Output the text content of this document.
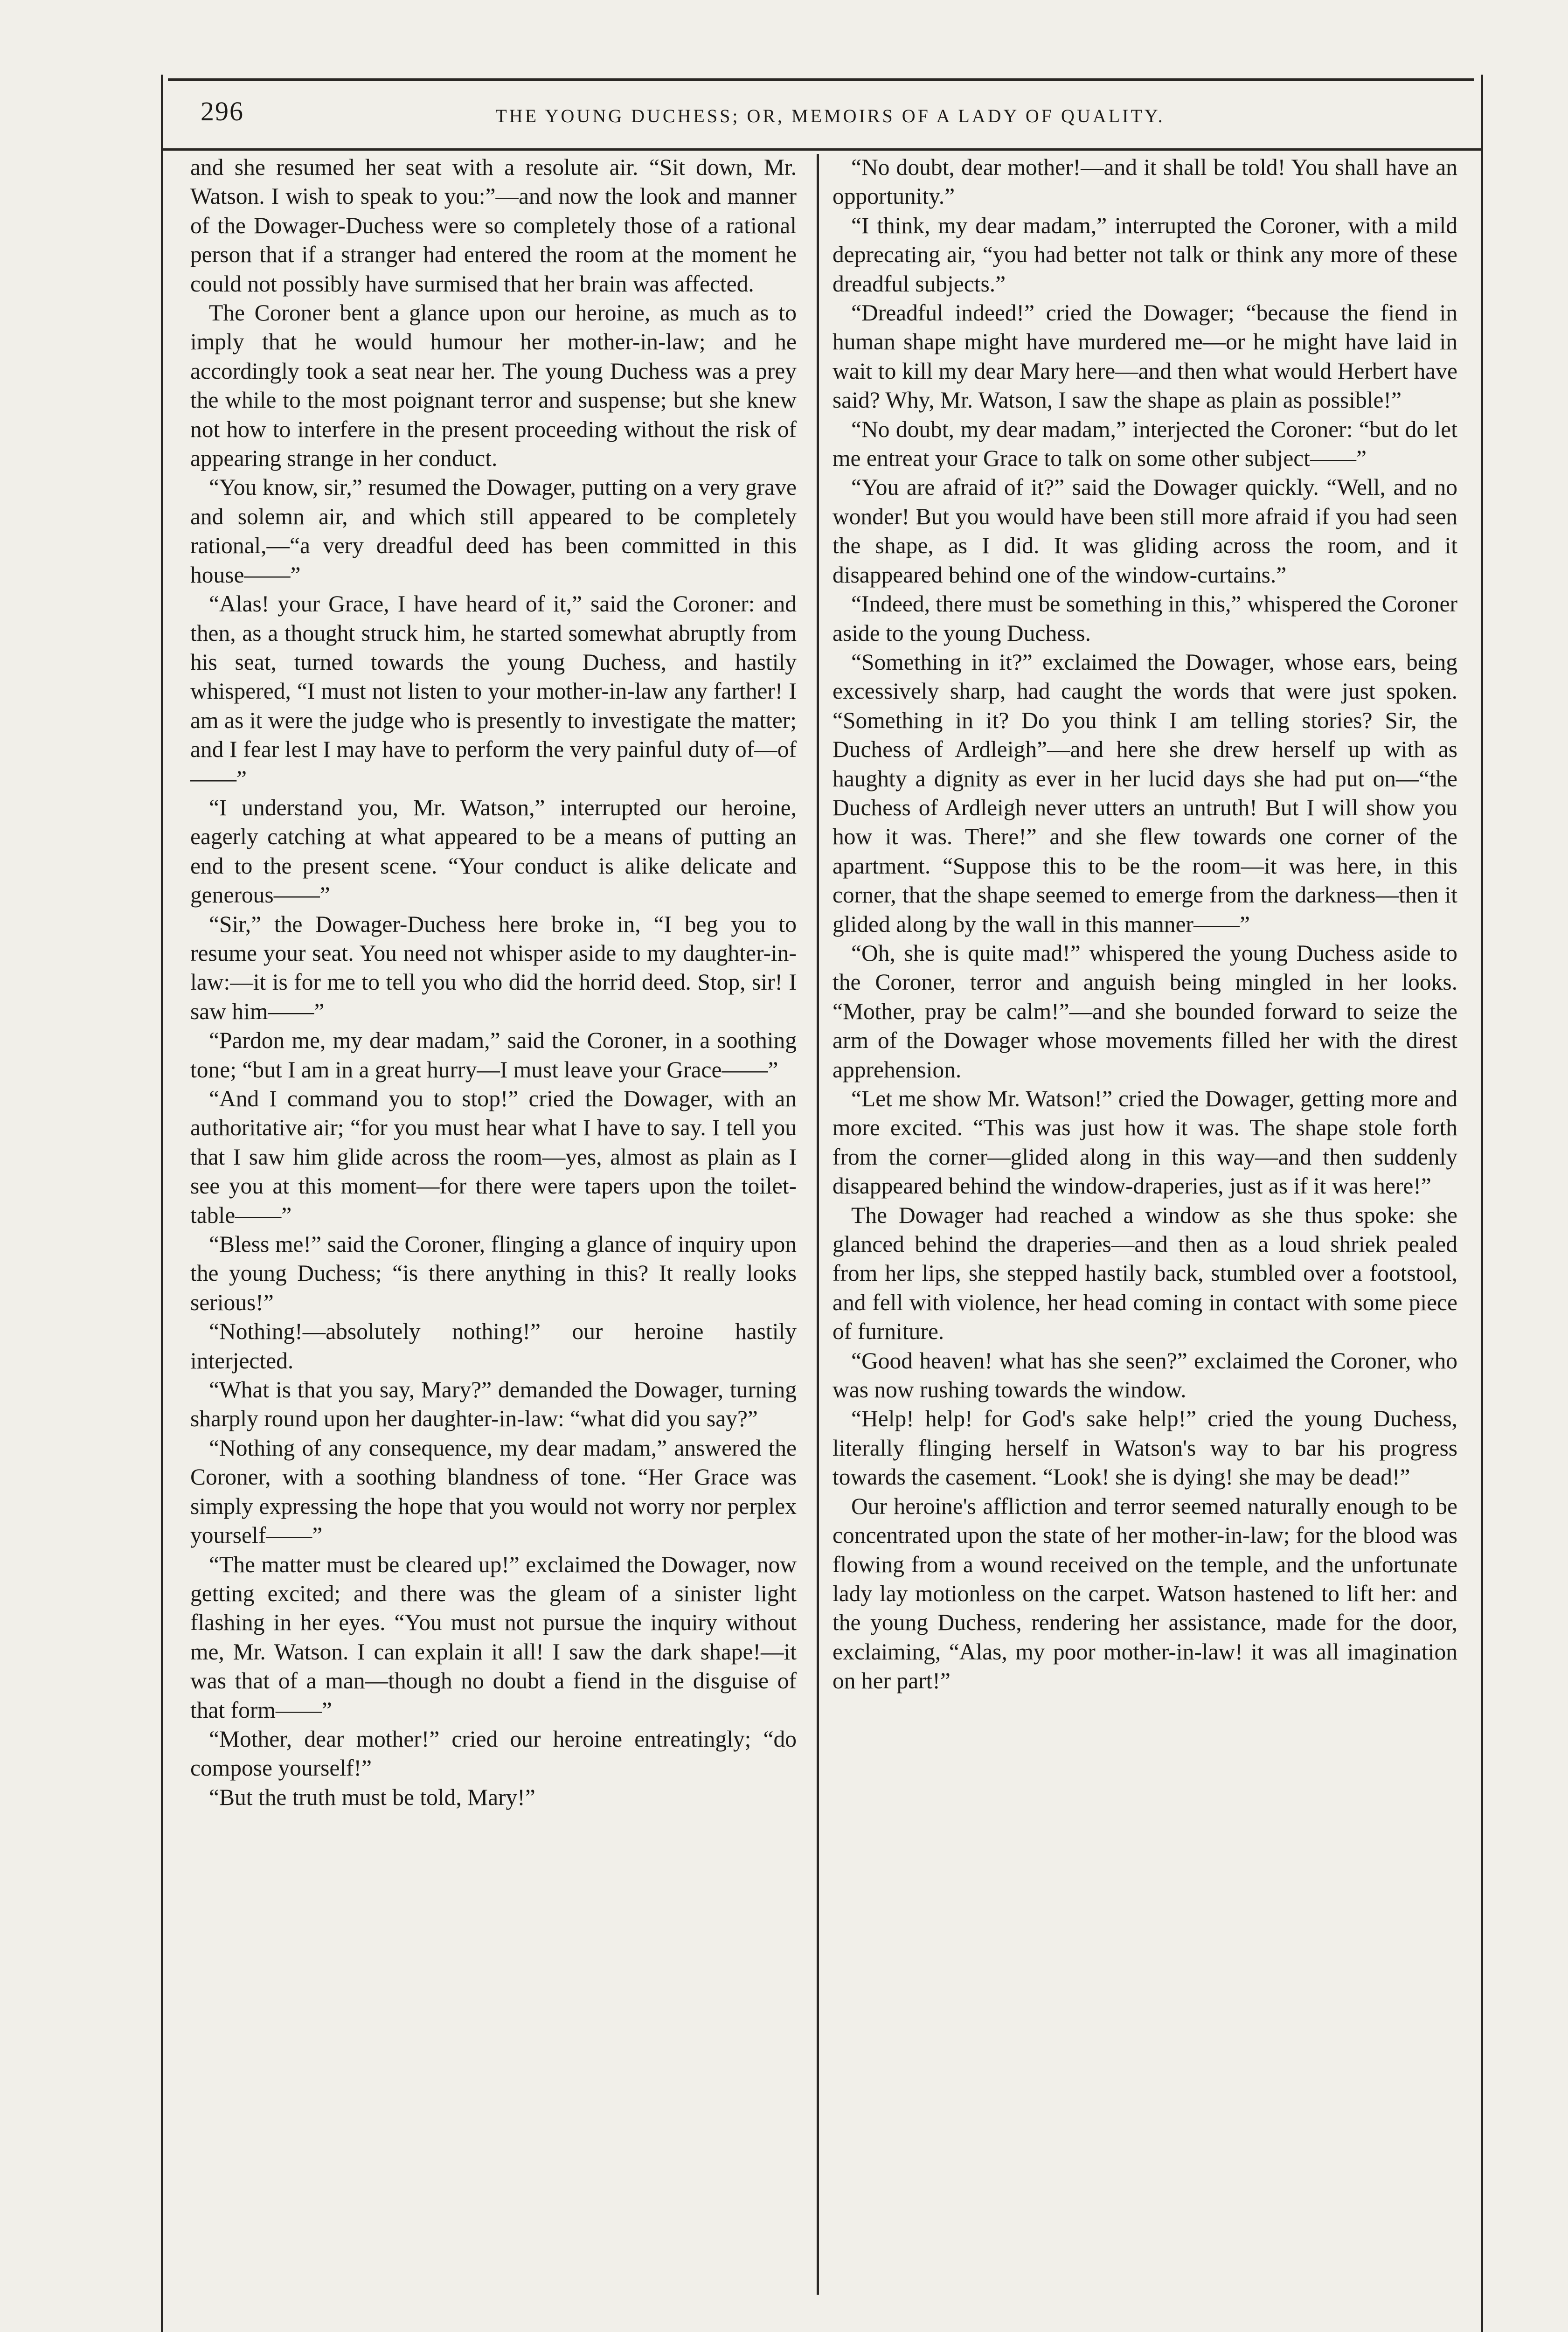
296	THE YOUNG DUCHESS; OR, MEMOIRS OF A LADY OF QUALITY.

and she resumed her seat with a resolute air. “Sit down, Mr. Watson. I wish to speak to you:”—and now the look and manner of the Dowager-Duchess were so completely those of a rational person that if a stranger had entered the room at the moment he could not possibly have surmised that her brain was affected.

The Coroner bent a glance upon our heroine, as much as to imply that he would humour her mother-in-law; and he accordingly took a seat near her. The young Duchess was a prey the while to the most poignant terror and suspense; but she knew not how to interfere in the present proceeding without the risk of appearing strange in her conduct.

“You know, sir,” resumed the Dowager, putting on a very grave and solemn air, and which still appeared to be completely rational,—“a very dreadful deed has been committed in this house——”

“Alas! your Grace, I have heard of it,” said the Coroner: and then, as a thought struck him, he started somewhat abruptly from his seat, turned towards the young Duchess, and hastily whispered, “I must not listen to your mother-in-law any farther! I am as it were the judge who is presently to investigate the matter; and I fear lest I may have to perform the very painful duty of—of——”

“I understand you, Mr. Watson,” interrupted our heroine, eagerly catching at what appeared to be a means of putting an end to the present scene. “Your conduct is alike delicate and generous——”

“Sir,” the Dowager-Duchess here broke in, “I beg you to resume your seat. You need not whisper aside to my daughter-in-law:—it is for me to tell you who did the horrid deed. Stop, sir! I saw him——”

“Pardon me, my dear madam,” said the Coroner, in a soothing tone; “but I am in a great hurry—I must leave your Grace——”

“And I command you to stop!” cried the Dowager, with an authoritative air; “for you must hear what I have to say. I tell you that I saw him glide across the room—yes, almost as plain as I see you at this moment—for there were tapers upon the toilet-table——”

“Bless me!” said the Coroner, flinging a glance of inquiry upon the young Duchess; “is there anything in this? It really looks serious!”

“Nothing!—absolutely nothing!” our heroine hastily interjected.

“What is that you say, Mary?” demanded the Dowager, turning sharply round upon her daughter-in-law: “what did you say?”

“Nothing of any consequence, my dear madam,” answered the Coroner, with a soothing blandness of tone. “Her Grace was simply expressing the hope that you would not worry nor perplex yourself——”

“The matter must be cleared up!” exclaimed the Dowager, now getting excited; and there was the gleam of a sinister light flashing in her eyes. “You must not pursue the inquiry without me, Mr. Watson. I can explain it all! I saw the dark shape!—it was that of a man—though no doubt a fiend in the disguise of that form——”

“Mother, dear mother!” cried our heroine entreatingly; “do compose yourself!”

“But the truth must be told, Mary!”

“No doubt, dear mother!—and it shall be told! You shall have an opportunity.”

“I think, my dear madam,” interrupted the Coroner, with a mild deprecating air, “you had better not talk or think any more of these dreadful subjects.”

“Dreadful indeed!” cried the Dowager; “because the fiend in human shape might have murdered me—or he might have laid in wait to kill my dear Mary here—and then what would Herbert have said? Why, Mr. Watson, I saw the shape as plain as possible!”

“No doubt, my dear madam,” interjected the Coroner: “but do let me entreat your Grace to talk on some other subject——”

“You are afraid of it?” said the Dowager quickly. “Well, and no wonder! But you would have been still more afraid if you had seen the shape, as I did. It was gliding across the room, and it disappeared behind one of the window-curtains.”

“Indeed, there must be something in this,” whispered the Coroner aside to the young Duchess.

“Something in it?” exclaimed the Dowager, whose ears, being excessively sharp, had caught the words that were just spoken. “Something in it? Do you think I am telling stories? Sir, the Duchess of Ardleigh”—and here she drew herself up with as haughty a dignity as ever in her lucid days she had put on—“the Duchess of Ardleigh never utters an untruth! But I will show you how it was. There!” and she flew towards one corner of the apartment. “Suppose this to be the room—it was here, in this corner, that the shape seemed to emerge from the darkness—then it glided along by the wall in this manner——”

“Oh, she is quite mad!” whispered the young Duchess aside to the Coroner, terror and anguish being mingled in her looks. “Mother, pray be calm!”—and she bounded forward to seize the arm of the Dowager whose movements filled her with the direst apprehension.

“Let me show Mr. Watson!” cried the Dowager, getting more and more excited. “This was just how it was. The shape stole forth from the corner—glided along in this way—and then suddenly disappeared behind the window-draperies, just as if it was here!”

The Dowager had reached a window as she thus spoke: she glanced behind the draperies—and then as a loud shriek pealed from her lips, she stepped hastily back, stumbled over a footstool, and fell with violence, her head coming in contact with some piece of furniture.

“Good heaven! what has she seen?” exclaimed the Coroner, who was now rushing towards the window.

“Help! help! for God's sake help!” cried the young Duchess, literally flinging herself in Watson's way to bar his progress towards the casement. “Look! she is dying! she may be dead!”

Our heroine's affliction and terror seemed naturally enough to be concentrated upon the state of her mother-in-law; for the blood was flowing from a wound received on the temple, and the unfortunate lady lay motionless on the carpet. Watson hastened to lift her: and the young Duchess, rendering her assistance, made for the door, exclaiming, “Alas, my poor mother-in-law! it was all imagination on her part!”
